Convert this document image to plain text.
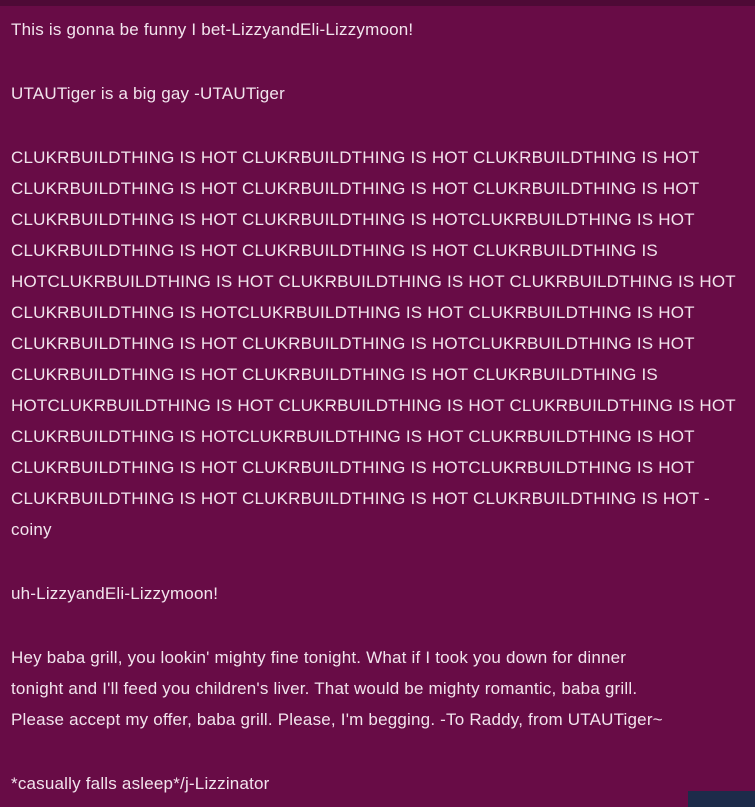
This is gonna be funny I bet-LizzyandEli-Lizzymoon!
UTAUTiger is a big gay -UTAUTiger
CLUKRBUILDTHING IS HOT CLUKRBUILDTHING IS HOT CLUKRBUILDTHING IS HOT
CLUKRBUILDTHING IS HOT CLUKRBUILDTHING IS HOT CLUKRBUILDTHING IS HOT
CLUKRBUILDTHING IS HOT CLUKRBUILDTHING IS HOTCLUKRBUILDTHING IS HOT
CLUKRBUILDTHING IS HOT CLUKRBUILDTHING IS HOT CLUKRBUILDTHING IS
HOTCLUKRBUILDTHING IS HOT CLUKRBUILDTHING IS HOT CLUKRBUILDTHING IS HOT
CLUKRBUILDTHING IS HOTCLUKRBUILDTHING IS HOT CLUKRBUILDTHING IS HOT
CLUKRBUILDTHING IS HOT CLUKRBUILDTHING IS HOTCLUKRBUILDTHING IS HOT
CLUKRBUILDTHING IS HOT CLUKRBUILDTHING IS HOT CLUKRBUILDTHING IS
HOTCLUKRBUILDTHING IS HOT CLUKRBUILDTHING IS HOT CLUKRBUILDTHING IS HOT
CLUKRBUILDTHING IS HOTCLUKRBUILDTHING IS HOT CLUKRBUILDTHING IS HOT
CLUKRBUILDTHING IS HOT CLUKRBUILDTHING IS HOTCLUKRBUILDTHING IS HOT
CLUKRBUILDTHING IS HOT CLUKRBUILDTHING IS HOT CLUKRBUILDTHING IS HOT -
coiny
uh-LizzyandEli-Lizzymoon!
Hey baba grill, you lookin' mighty fine tonight. What if I took you down for dinner
tonight and I'll feed you children's liver. That would be mighty romantic, baba grill.
Please accept my offer, baba grill. Please, I'm begging. -To Raddy, from UTAUTiger~
*casually falls asleep*/j-Lizzinator
